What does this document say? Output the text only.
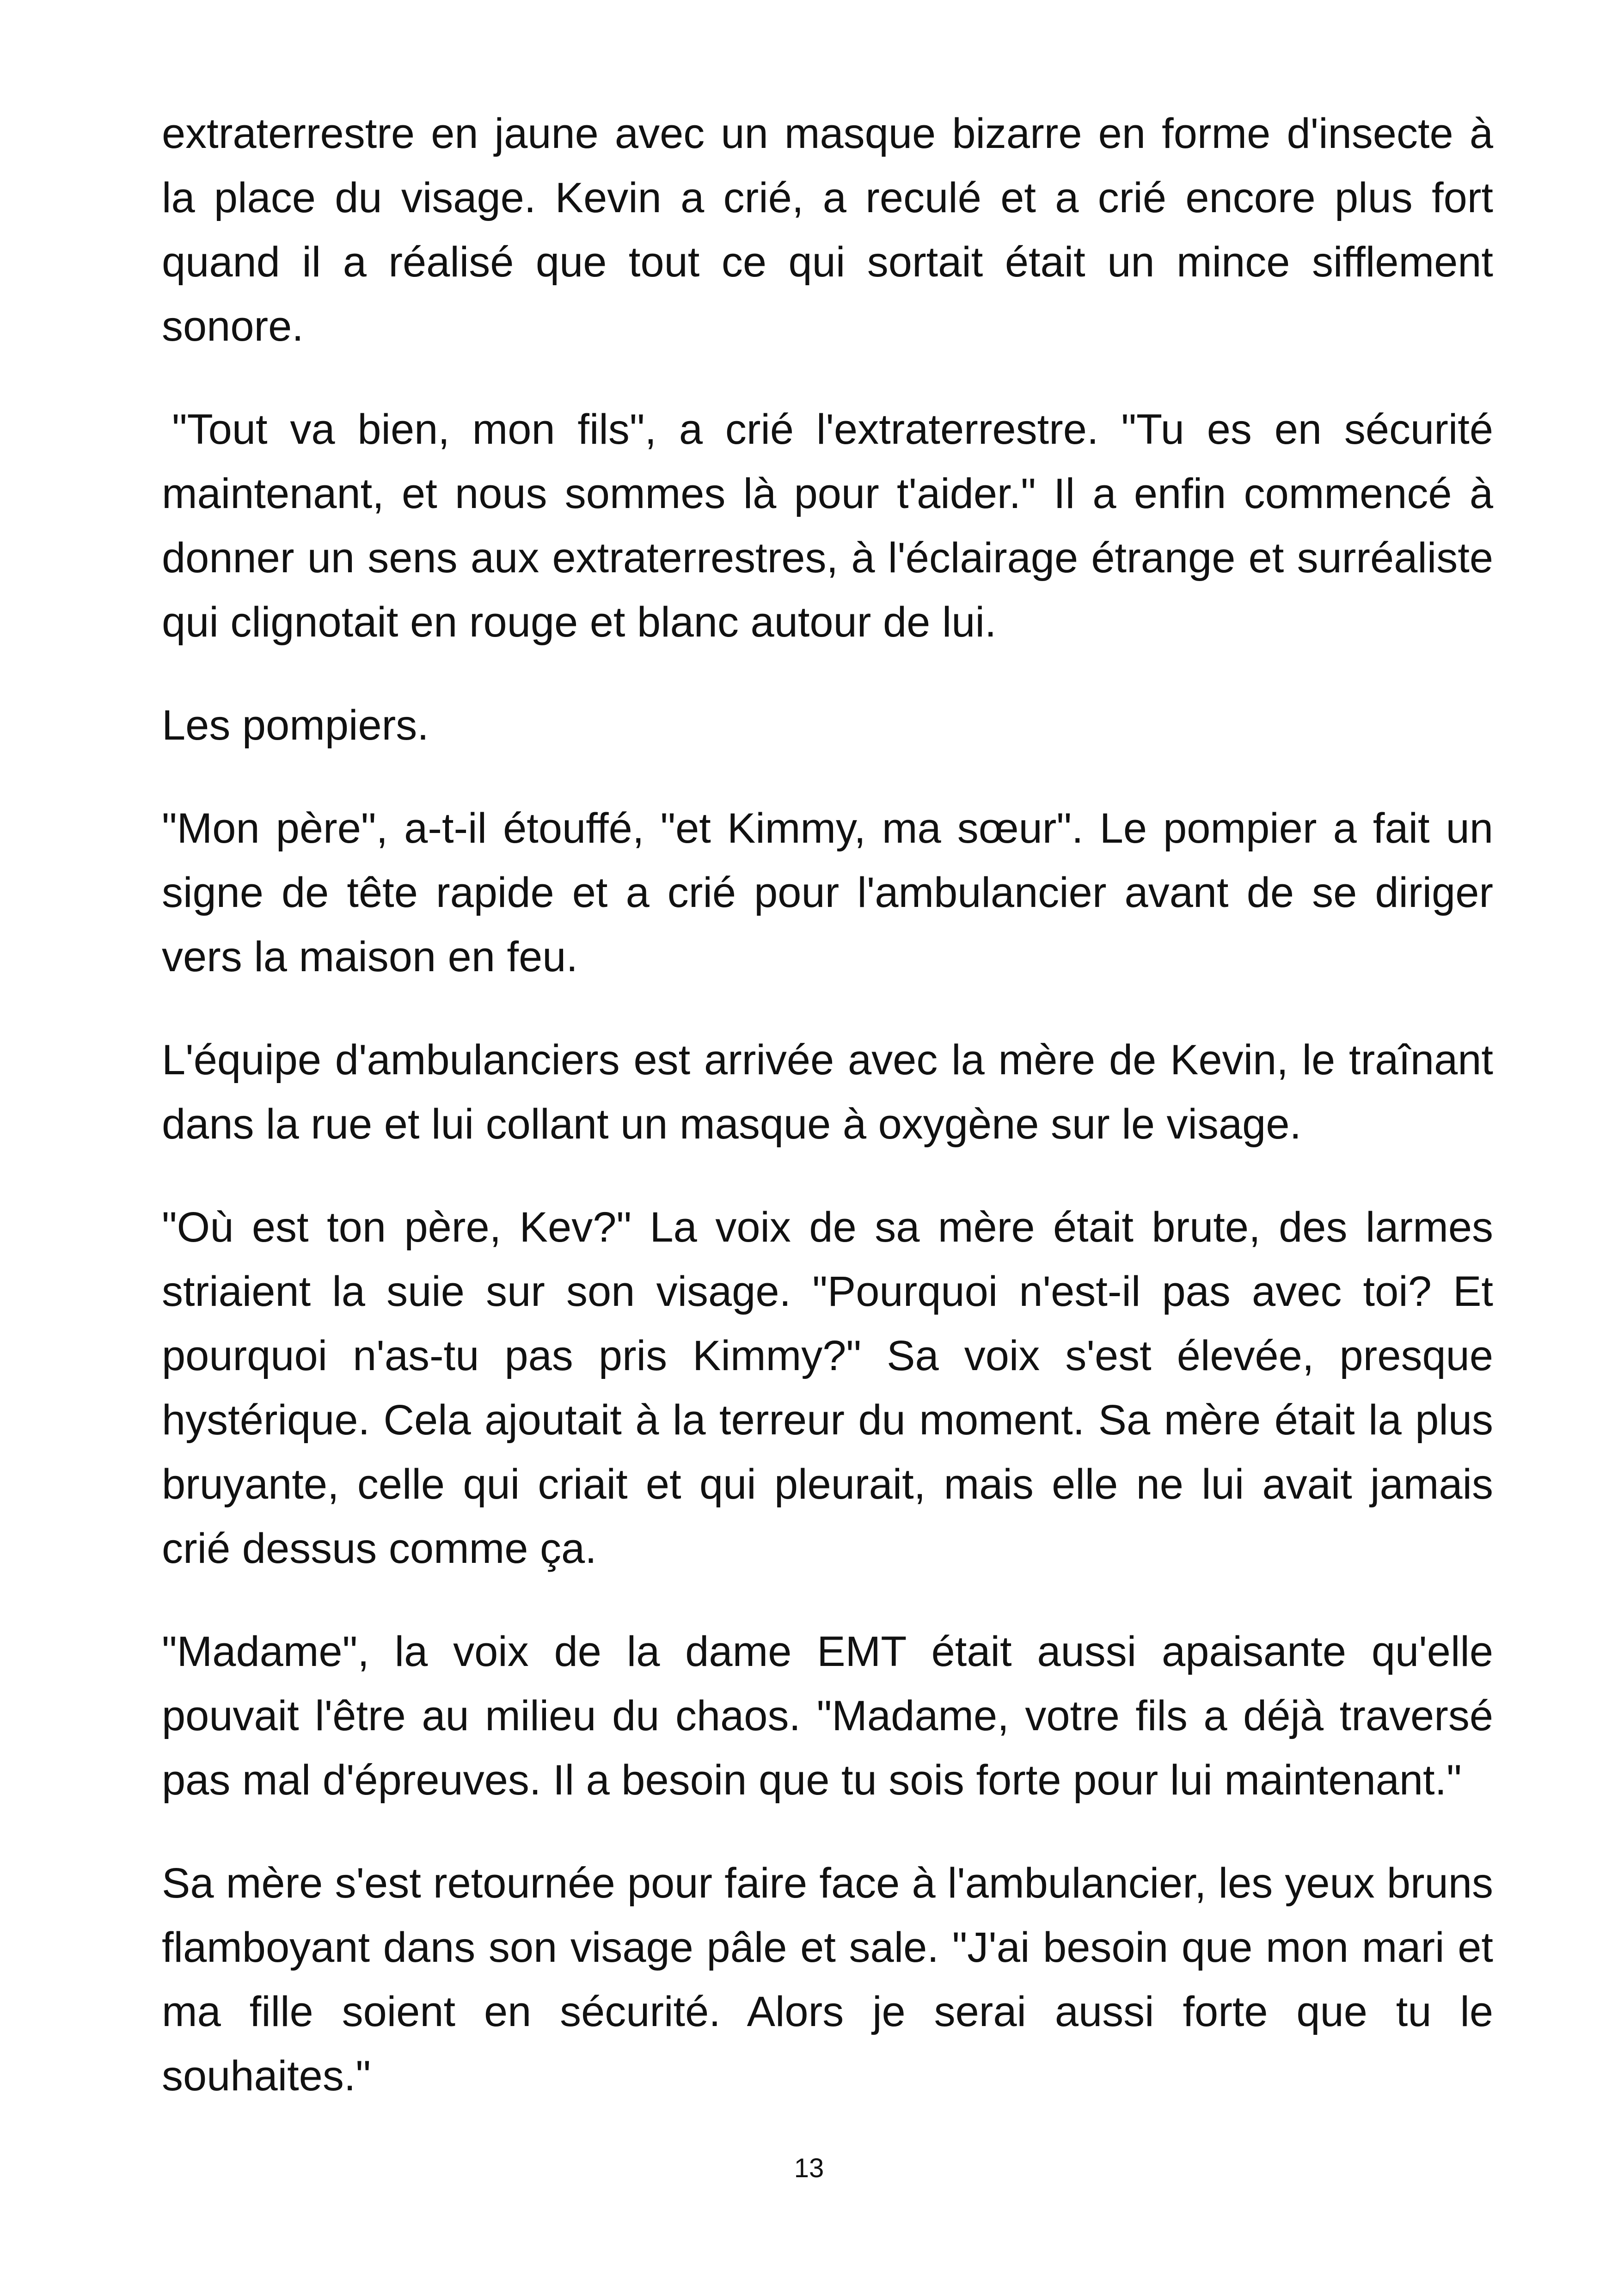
extraterrestre en jaune avec un masque bizarre en forme d'insecte à la place du visage. Kevin a crié, a reculé et a crié encore plus fort quand il a réalisé que tout ce qui sortait était un mince sifflement sonore.

"Tout va bien, mon fils", a crié l'extraterrestre. "Tu es en sécurité maintenant, et nous sommes là pour t'aider." Il a enfin commencé à donner un sens aux extraterrestres, à l'éclairage étrange et surréaliste qui clignotait en rouge et blanc autour de lui.

Les pompiers.

"Mon père", a-t-il étouffé, "et Kimmy, ma sœur". Le pompier a fait un signe de tête rapide et a crié pour l'ambulancier avant de se diriger vers la maison en feu.

L'équipe d'ambulanciers est arrivée avec la mère de Kevin, le traînant dans la rue et lui collant un masque à oxygène sur le visage.

"Où est ton père, Kev?" La voix de sa mère était brute, des larmes striaient la suie sur son visage. "Pourquoi n'est-il pas avec toi? Et pourquoi n'as-tu pas pris Kimmy?" Sa voix s'est élevée, presque hystérique. Cela ajoutait à la terreur du moment. Sa mère était la plus bruyante, celle qui criait et qui pleurait, mais elle ne lui avait jamais crié dessus comme ça.

"Madame", la voix de la dame EMT était aussi apaisante qu'elle pouvait l'être au milieu du chaos. "Madame, votre fils a déjà traversé pas mal d'épreuves. Il a besoin que tu sois forte pour lui maintenant."

Sa mère s'est retournée pour faire face à l'ambulancier, les yeux bruns flamboyant dans son visage pâle et sale. "J'ai besoin que mon mari et ma fille soient en sécurité. Alors je serai aussi forte que tu le souhaites."

13
